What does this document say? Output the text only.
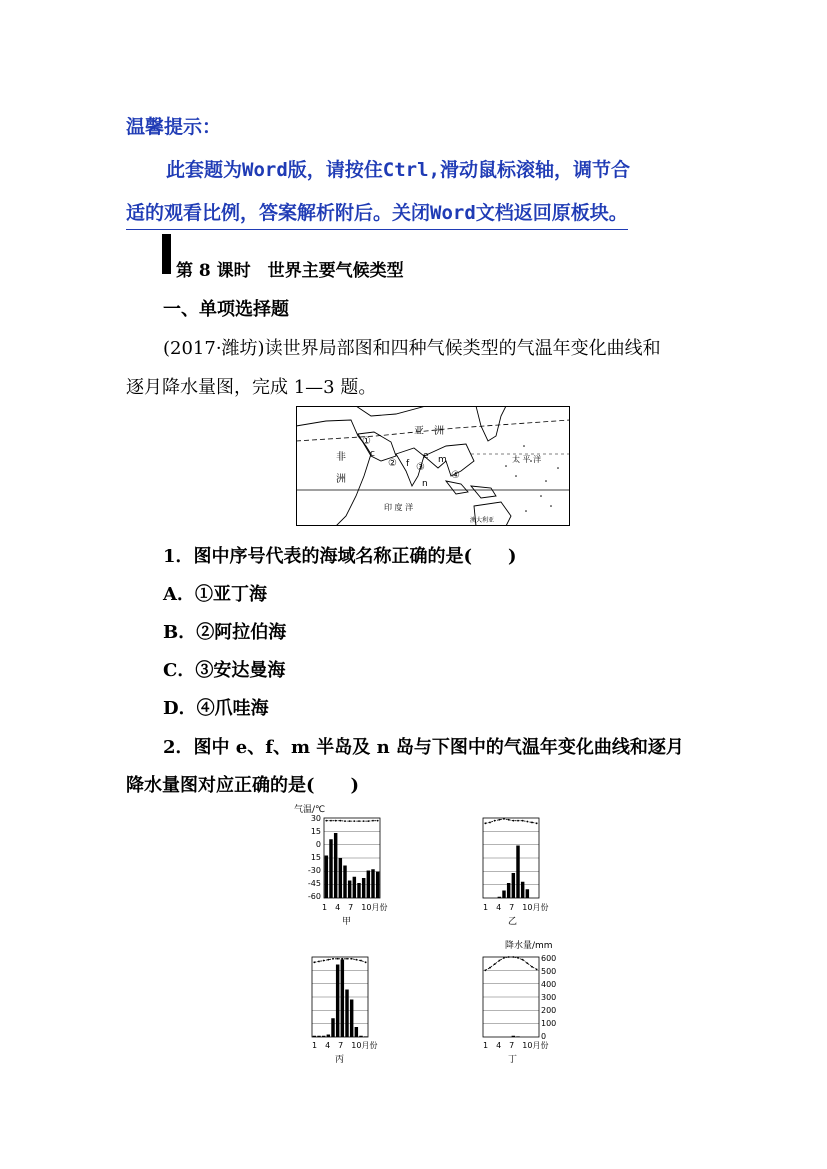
温馨提示：
此套题为Word版，请按住Ctrl,滑动鼠标滚轴，调节合
适的观看比例，答案解析附后。关闭Word文档返回原板块。
第 8 课时　世界主要气候类型
一、单项选择题
(2017·潍坊)读世界局部图和四种气候类型的气温年变化曲线和
逐月降水量图，完成 1—3 题。
亚　洲
非
洲
太 平 洋
印 度 洋
澳大利亚
①
② ③
④
c
f
e m
n
1．图中序号代表的海域名称正确的是(　　)
A．①亚丁海
B．②阿拉伯海
C．③安达曼海
D．④爪哇海
2．图中 e、f、m 半岛及 n 岛与下图中的气温年变化曲线和逐月
降水量图对应正确的是(　　)
气温/℃
降水量/mm
30
15
0
15
-30
-45
-60
600
500
400
300
200
100
0
1　4　7　10月份	1　4　7　10月份
1　4　7　10月份	1　4　7　10月份
甲	乙
丙	丁
